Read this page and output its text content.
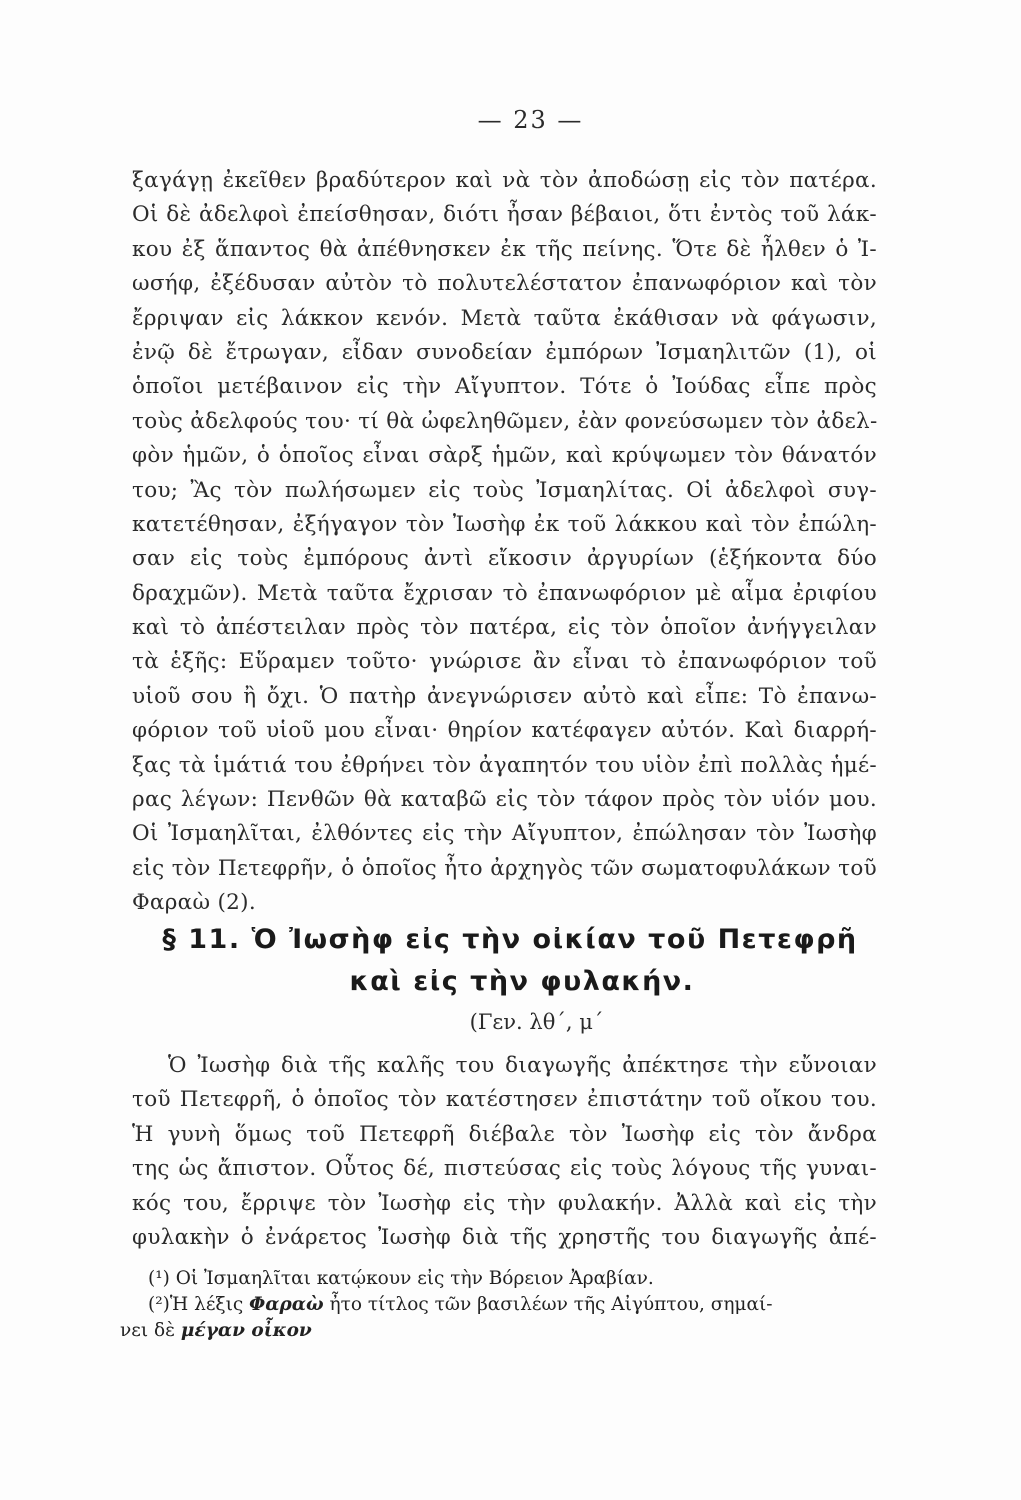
— 23 —
ξαγάγῃ ἐκεῖθεν βραδύτερον καὶ νὰ τὸν ἀποδώσῃ εἰς τὸν πατέρα.
Οἱ δὲ ἀδελφοὶ ἐπείσθησαν, διότι ἦσαν βέβαιοι, ὅτι ἐντὸς τοῦ λάκ-
κου ἐξ ἅπαντος θὰ ἀπέθνησκεν ἐκ τῆς πείνης. Ὅτε δὲ ἦλθεν ὁ Ἰ-
ωσήφ, ἐξέδυσαν αὐτὸν τὸ πολυτελέστατον ἐπανωφόριον καὶ τὸν
ἔρριψαν εἰς λάκκον κενόν. Μετὰ ταῦτα ἐκάθισαν νὰ φάγωσιν,
ἐνῷ δὲ ἔτρωγαν, εἶδαν συνοδείαν ἐμπόρων Ἰσμαηλιτῶν (1), οἱ
ὁποῖοι μετέβαινον εἰς τὴν Αἴγυπτον. Τότε ὁ Ἰούδας εἶπε πρὸς
τοὺς ἀδελφούς του· τί θὰ ὠφεληθῶμεν, ἐὰν φονεύσωμεν τὸν ἀδελ-
φὸν ἡμῶν, ὁ ὁποῖος εἶναι σὰρξ ἡμῶν, καὶ κρύψωμεν τὸν θάνατόν
του; Ἂς τὸν πωλήσωμεν εἰς τοὺς Ἰσμαηλίτας. Οἱ ἀδελφοὶ συγ-
κατετέθησαν, ἐξήγαγον τὸν Ἰωσὴφ ἐκ τοῦ λάκκου καὶ τὸν ἐπώλη-
σαν εἰς τοὺς ἐμπόρους ἀντὶ εἴκοσιν ἀργυρίων (ἑξήκοντα δύο
δραχμῶν). Μετὰ ταῦτα ἔχρισαν τὸ ἐπανωφόριον μὲ αἷμα ἐριφίου
καὶ τὸ ἀπέστειλαν πρὸς τὸν πατέρα, εἰς τὸν ὁποῖον ἀνήγγειλαν
τὰ ἑξῆς: Εὕραμεν τοῦτο· γνώρισε ἂν εἶναι τὸ ἐπανωφόριον τοῦ
υἱοῦ σου ἢ ὄχι. Ὁ πατὴρ ἀνεγνώρισεν αὐτὸ καὶ εἶπε: Τὸ ἐπανω-
φόριον τοῦ υἱοῦ μου εἶναι· θηρίον κατέφαγεν αὐτόν. Καὶ διαρρή-
ξας τὰ ἱμάτιά του ἐθρήνει τὸν ἀγαπητόν του υἱὸν ἐπὶ πολλὰς ἡμέ-
ρας λέγων: Πενθῶν θὰ καταβῶ εἰς τὸν τάφον πρὸς τὸν υἱόν μου.
Οἱ Ἰσμαηλῖται, ἐλθόντες εἰς τὴν Αἴγυπτον, ἐπώλησαν τὸν Ἰωσὴφ
εἰς τὸν Πετεφρῆν, ὁ ὁποῖος ἦτο ἀρχηγὸς τῶν σωματοφυλάκων τοῦ
Φαραὼ (2).
§ 11. Ὁ Ἰωσὴφ εἰς τὴν οἰκίαν τοῦ Πετεφρῆ
καὶ εἰς τὴν φυλακήν.
(Γεν. λθ΄, μ΄
Ὁ Ἰωσὴφ διὰ τῆς καλῆς του διαγωγῆς ἀπέκτησε τὴν εὔνοιαν
τοῦ Πετεφρῆ, ὁ ὁποῖος τὸν κατέστησεν ἐπιστάτην τοῦ οἴκου του.
Ἡ γυνὴ ὅμως τοῦ Πετεφρῆ διέβαλε τὸν Ἰωσὴφ εἰς τὸν ἄνδρα
της ὡς ἄπιστον. Οὗτος δέ, πιστεύσας εἰς τοὺς λόγους τῆς γυναι-
κός του, ἔρριψε τὸν Ἰωσὴφ εἰς τὴν φυλακήν. Ἀλλὰ καὶ εἰς τὴν
φυλακὴν ὁ ἐνάρετος Ἰωσὴφ διὰ τῆς χρηστῆς του διαγωγῆς ἀπέ-
(¹) Οἱ Ἰσμαηλῖται κατῴκουν εἰς τὴν Βόρειον Ἀραβίαν.
(²)Ἡ λέξις Φαραὼ ἦτο τίτλος τῶν βασιλέων τῆς Αἰγύπτου, σημαί-
νει δὲ μέγαν οἶκον
